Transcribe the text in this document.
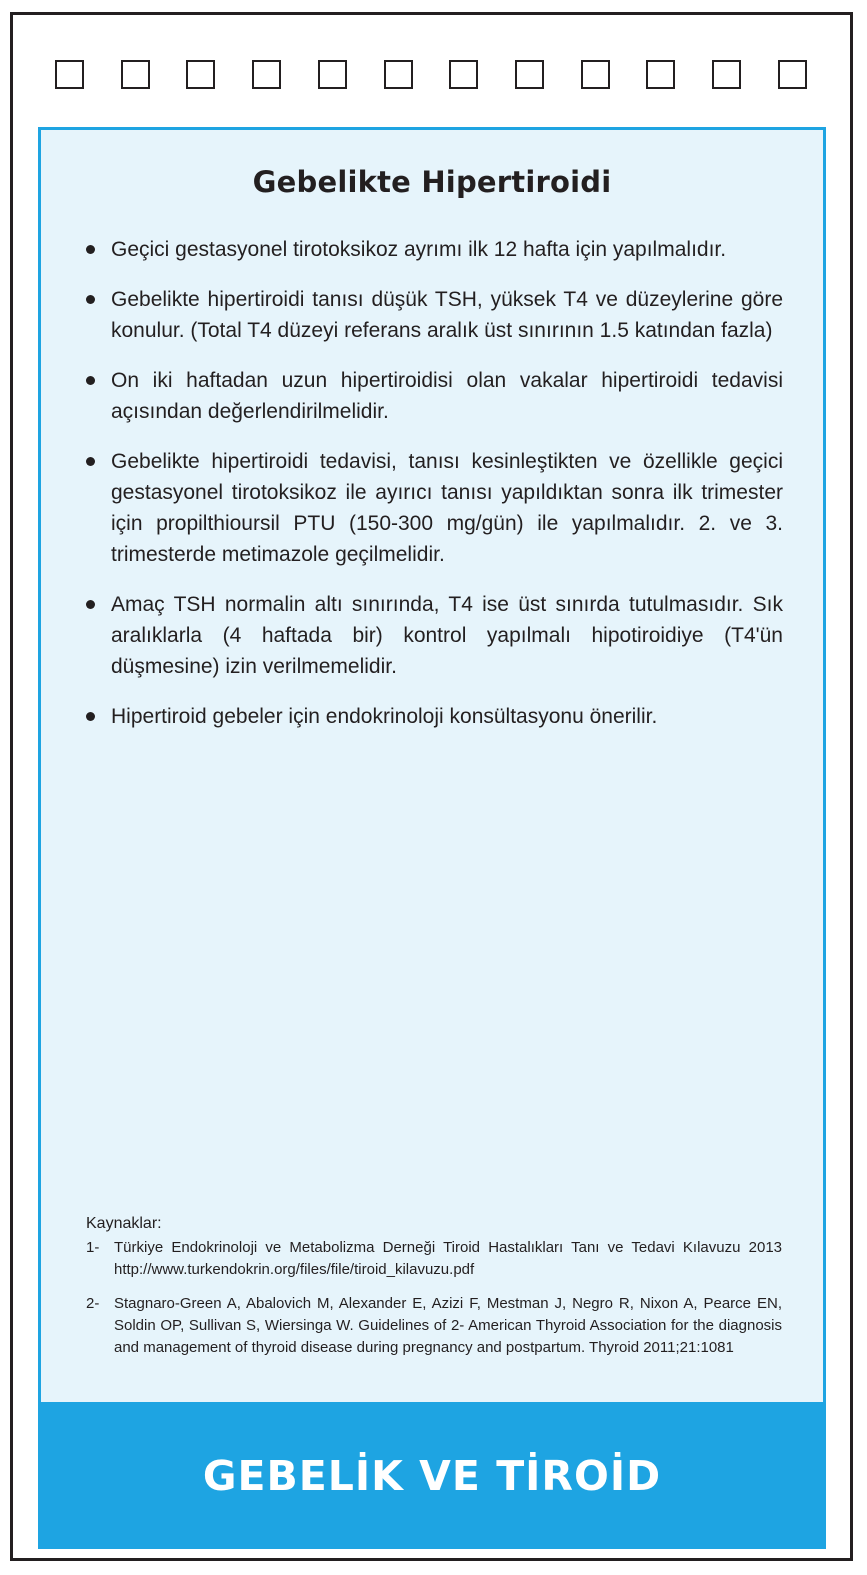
Gebelikte Hipertiroidi
Geçici gestasyonel tirotoksikoz ayrımı ilk 12 hafta için yapılmalıdır.
Gebelikte hipertiroidi tanısı düşük TSH, yüksek T4 ve düzeylerine göre konulur. (Total T4 düzeyi referans aralık üst sınırının 1.5 katından fazla)
On iki haftadan uzun hipertiroidisi olan vakalar hipertiroidi tedavisi açısından değerlendirilmelidir.
Gebelikte hipertiroidi tedavisi, tanısı kesinleştikten ve özellikle geçici gestasyonel tirotoksikoz ile ayırıcı tanısı yapıldıktan sonra ilk trimester için propilthioursil PTU (150-300 mg/gün) ile yapılmalıdır. 2. ve 3. trimesterde metimazole geçilmelidir.
Amaç TSH normalin altı sınırında, T4 ise üst sınırda tutulmasıdır. Sık aralıklarla (4 haftada bir) kontrol yapılmalı hipotiroidiye (T4'ün düşmesine) izin verilmemelidir.
Hipertiroid gebeler için endokrinoloji konsültasyonu önerilir.
Kaynaklar:
1- Türkiye Endokrinoloji ve Metabolizma Derneği Tiroid Hastalıkları Tanı ve Tedavi Kılavuzu 2013 http://www.turkendokrin.org/files/file/tiroid_kilavuzu.pdf
2- Stagnaro-Green A, Abalovich M, Alexander E, Azizi F, Mestman J, Negro R, Nixon A, Pearce EN, Soldin OP, Sullivan S, Wiersinga W. Guidelines of 2- American Thyroid Association for the diagnosis and management of thyroid disease during pregnancy and postpartum. Thyroid 2011;21:1081
GEBELİK VE TİROİD
